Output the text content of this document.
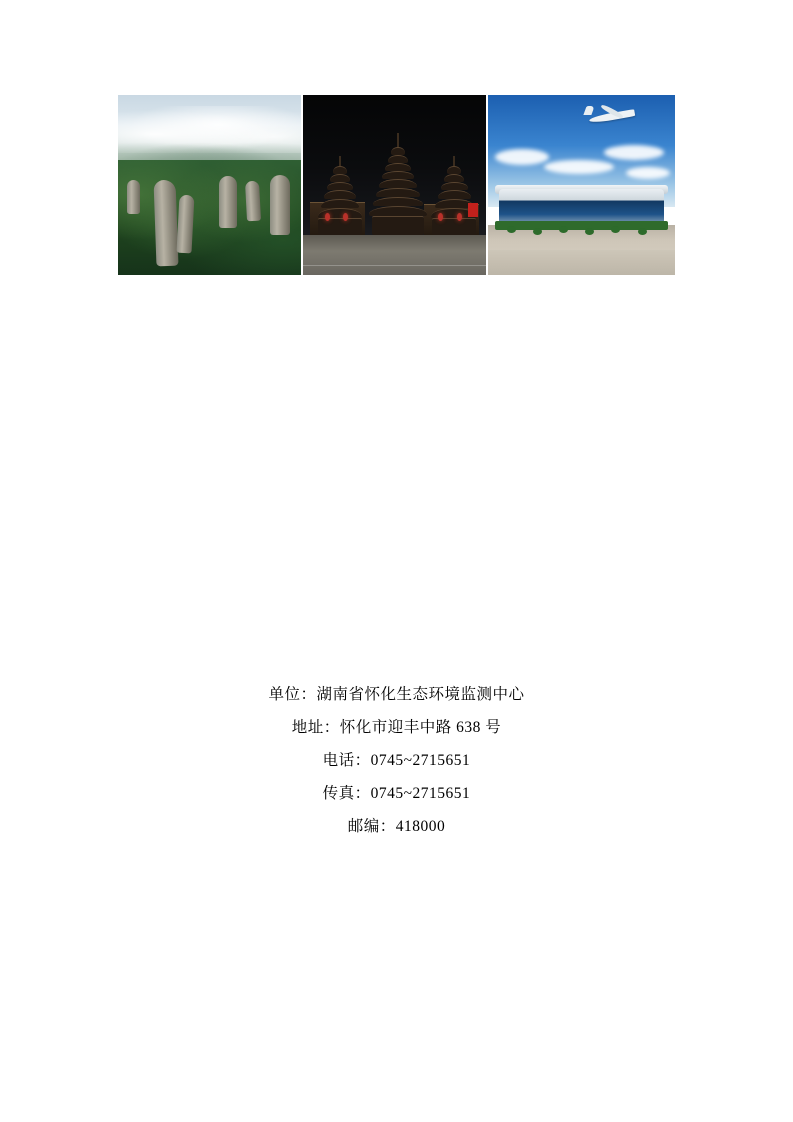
单位：湖南省怀化生态环境监测中心
地址：怀化市迎丰中路 638 号
电话：0745~2715651
传真：0745~2715651
邮编：418000
